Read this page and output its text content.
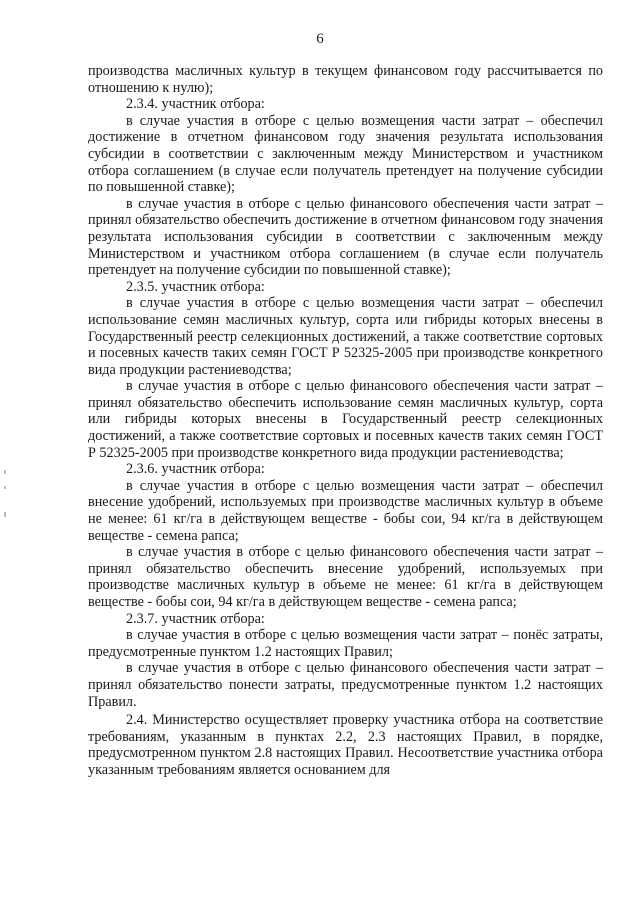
6

производства масличных культур в текущем финансовом году рассчитывается по отношению к нулю);

2.3.4. участник отбора:

в случае участия в отборе с целью возмещения части затрат – обеспечил достижение в отчетном финансовом году значения результата использования субсидии в соответствии с заключенным между Министерством и участником отбора соглашением (в случае если получатель претендует на получение субсидии по повышенной ставке);

в случае участия в отборе с целью финансового обеспечения части затрат – принял обязательство обеспечить достижение в отчетном финансовом году значения результата использования субсидии в соответствии с заключенным между Министерством и участником отбора соглашением (в случае если получатель претендует на получение субсидии по повышенной ставке);

2.3.5. участник отбора:

в случае участия в отборе с целью возмещения части затрат – обеспечил использование семян масличных культур, сорта или гибриды которых внесены в Государственный реестр селекционных достижений, а также соответствие сортовых и посевных качеств таких семян ГОСТ Р 52325-2005 при производстве конкретного вида продукции растениеводства;

в случае участия в отборе с целью финансового обеспечения части затрат – принял обязательство обеспечить использование семян масличных культур, сорта или гибриды которых внесены в Государственный реестр селекционных достижений, а также соответствие сортовых и посевных качеств таких семян ГОСТ Р 52325-2005 при производстве конкретного вида продукции растениеводства;

2.3.6. участник отбора:

в случае участия в отборе с целью возмещения части затрат – обеспечил внесение удобрений, используемых при производстве масличных культур в объеме не менее: 61 кг/га в действующем веществе - бобы сои, 94 кг/га в действующем веществе - семена рапса;

в случае участия в отборе с целью финансового обеспечения части затрат – принял обязательство обеспечить внесение удобрений, используемых при производстве масличных культур в объеме не менее: 61 кг/га в действующем веществе - бобы сои, 94 кг/га в действующем веществе - семена рапса;

2.3.7. участник отбора:

в случае участия в отборе с целью возмещения части затрат – понёс затраты, предусмотренные пунктом 1.2 настоящих Правил;

в случае участия в отборе с целью финансового обеспечения части затрат – принял обязательство понести затраты, предусмотренные пунктом 1.2 настоящих Правил.

2.4. Министерство осуществляет проверку участника отбора на соответствие требованиям, указанным в пунктах 2.2, 2.3 настоящих Правил, в порядке, предусмотренном пунктом 2.8 настоящих Правил. Несоответствие участника отбора указанным требованиям является основанием для
